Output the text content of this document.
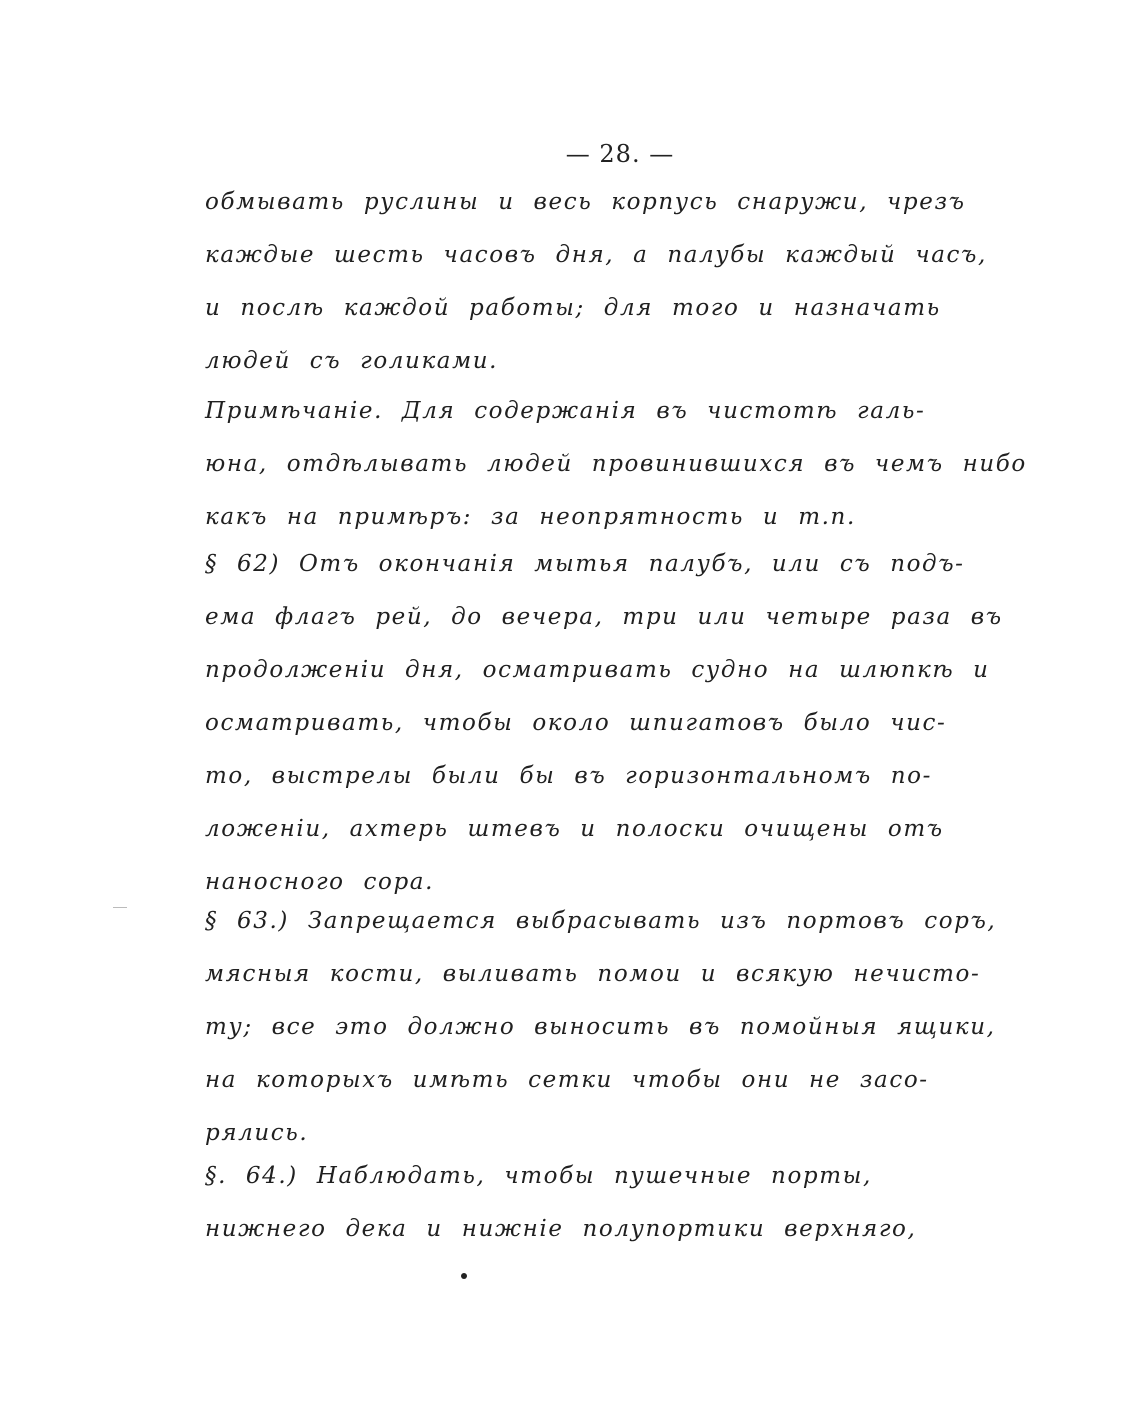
— 28. —
обмывать руслины и весь корпусь снаружи, чрезъ
каждые шесть часовъ дня, а палубы каждый часъ,
и послѣ каждой работы; для того и назначать
людей съ голиками.
Примѣчаніе. Для содержанія въ чистотѣ галь-
юна, отдѣлывать людей провинившихся въ чемъ нибо
какъ на примѣръ: за неопрятность и т.п.
§ 62) Отъ окончанія мытья палубъ, или съ подъ-
ема флагъ рей, до вечера, три или четыре раза въ
продолженіи дня, осматривать судно на шлюпкѣ и
осматривать, чтобы около шпигатовъ было чис-
то, выстрелы были бы въ горизонтальномъ по-
ложеніи, ахтерь штевъ и полоски очищены отъ
наносного сора.
§ 63.) Запрещается выбрасывать изъ портовъ соръ,
мясныя кости, выливать помои и всякую нечисто-
ту; все это должно выносить въ помойныя ящики,
на которыхъ имѣть сетки чтобы они не засо-
рялись.
§. 64.) Наблюдать, чтобы пушечные порты,
нижнего дека и нижніе полупортики верхняго,
